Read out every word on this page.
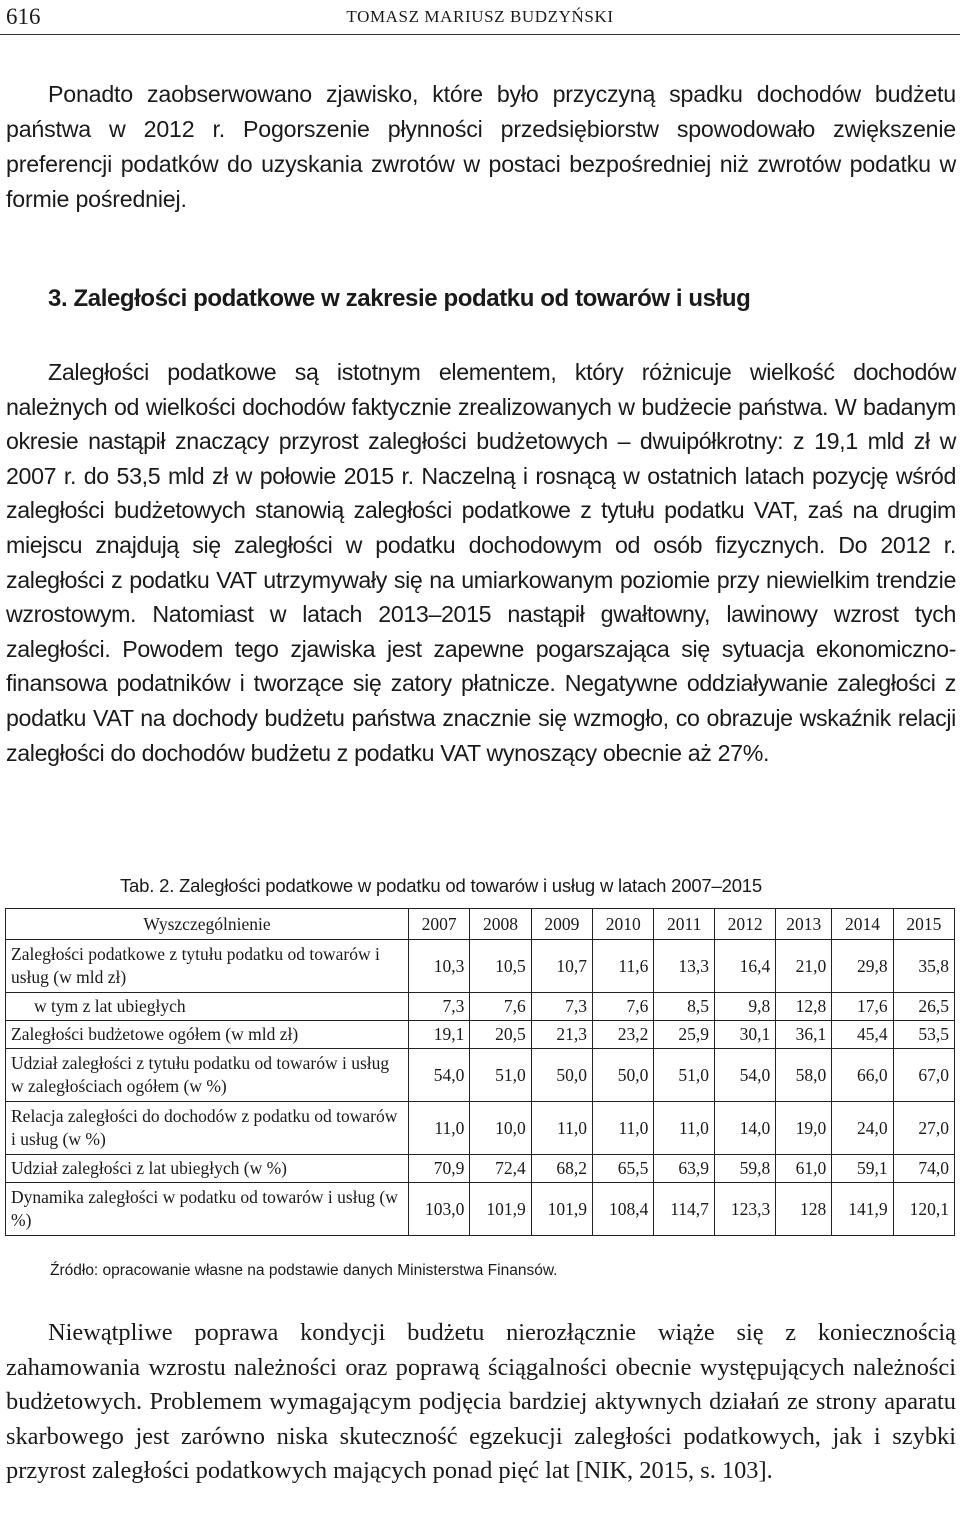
616	TOMASZ MARIUSZ BUDZYŃSKI

Ponadto zaobserwowano zjawisko, które było przyczyną spadku dochodów budżetu państwa w 2012 r. Pogorszenie płynności przedsiębiorstw spowodowało zwiększenie preferencji podatków do uzyskania zwrotów w postaci bezpośredniej niż zwrotów podatku w formie pośredniej.

3. Zaległości podatkowe w zakresie podatku od towarów i usług

Zaległości podatkowe są istotnym elementem, który różnicuje wielkość dochodów należnych od wielkości dochodów faktycznie zrealizowanych w budżecie państwa. W badanym okresie nastąpił znaczący przyrost zaległości budżetowych – dwuipółkrotny: z 19,1 mld zł w 2007 r. do 53,5 mld zł w połowie 2015 r. Naczelną i rosnącą w ostatnich latach pozycję wśród zaległości budżetowych stanowią zaległości podatkowe z tytułu podatku VAT, zaś na drugim miejscu znajdują się zaległości w podatku dochodowym od osób fizycznych. Do 2012 r. zaległości z podatku VAT utrzymywały się na umiarkowanym poziomie przy niewielkim trendzie wzrostowym. Natomiast w latach 2013–2015 nastąpił gwałtowny, lawinowy wzrost tych zaległości. Powodem tego zjawiska jest zapewne pogarszająca się sytuacja ekonomiczno-finansowa podatników i tworzące się zatory płatnicze. Negatywne oddziaływanie zaległości z podatku VAT na dochody budżetu państwa znacznie się wzmogło, co obrazuje wskaźnik relacji zaległości do dochodów budżetu z podatku VAT wynoszący obecnie aż 27%.

Tab. 2. Zaległości podatkowe w podatku od towarów i usług w latach 2007–2015
Wyszczególnienie	2007	2008	2009	2010	2011	2012	2013	2014	2015
Zaległości podatkowe z tytułu podatku od towarów i usług (w mld zł)	10,3	10,5	10,7	11,6	13,3	16,4	21,0	29,8	35,8
w tym z lat ubiegłych	7,3	7,6	7,3	7,6	8,5	9,8	12,8	17,6	26,5
Zaległości budżetowe ogółem (w mld zł)	19,1	20,5	21,3	23,2	25,9	30,1	36,1	45,4	53,5
Udział zaległości z tytułu podatku od towarów i usług w zaległościach ogółem (w %)	54,0	51,0	50,0	50,0	51,0	54,0	58,0	66,0	67,0
Relacja zaległości do dochodów z podatku od towarów i usług (w %)	11,0	10,0	11,0	11,0	11,0	14,0	19,0	24,0	27,0
Udział zaległości z lat ubiegłych (w %)	70,9	72,4	68,2	65,5	63,9	59,8	61,0	59,1	74,0
Dynamika zaległości w podatku od towarów i usług (w %)	103,0	101,9	101,9	108,4	114,7	123,3	128	141,9	120,1
Źródło: opracowanie własne na podstawie danych Ministerstwa Finansów.

Niewątpliwe poprawa kondycji budżetu nierozłącznie wiąże się z koniecznością zahamowania wzrostu należności oraz poprawą ściągalności obecnie występujących należności budżetowych. Problemem wymagającym podjęcia bardziej aktywnych działań ze strony aparatu skarbowego jest zarówno niska skuteczność egzekucji zaległości podatkowych, jak i szybki przyrost zaległości podatkowych mających ponad pięć lat [NIK, 2015, s. 103].
